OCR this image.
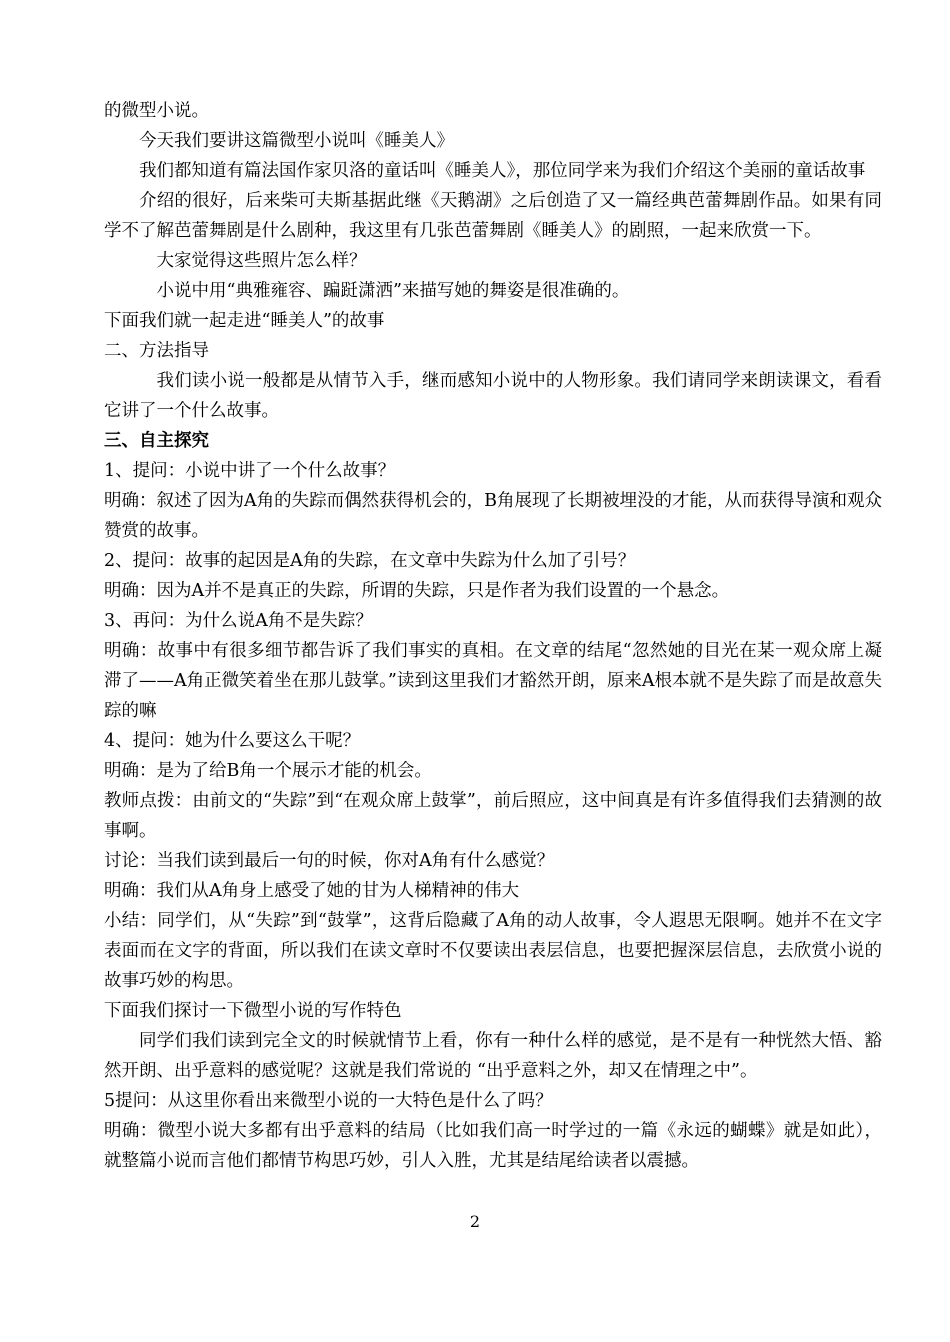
的微型小说。

今天我们要讲这篇微型小说叫《睡美人》

我们都知道有篇法国作家贝洛的童话叫《睡美人》，那位同学来为我们介绍这个美丽的童话故事

介绍的很好，后来柴可夫斯基据此继《天鹅湖》之后创造了又一篇经典芭蕾舞剧作品。如果有同学不了解芭蕾舞剧是什么剧种，我这里有几张芭蕾舞剧《睡美人》的剧照，一起来欣赏一下。

大家觉得这些照片怎么样？

小说中用“典雅雍容、蹁跹潇洒”来描写她的舞姿是很准确的。

下面我们就一起走进“睡美人”的故事

二、方法指导

我们读小说一般都是从情节入手，继而感知小说中的人物形象。我们请同学来朗读课文，看看它讲了一个什么故事。

三、自主探究

1、提问：小说中讲了一个什么故事？

明确：叙述了因为A角的失踪而偶然获得机会的，B角展现了长期被埋没的才能，从而获得导演和观众赞赏的故事。

2、提问：故事的起因是A角的失踪，在文章中失踪为什么加了引号？

明确：因为A并不是真正的失踪，所谓的失踪，只是作者为我们设置的一个悬念。

3、再问：为什么说A角不是失踪？

明确：故事中有很多细节都告诉了我们事实的真相。在文章的结尾“忽然她的目光在某一观众席上凝滞了——A角正微笑着坐在那儿鼓掌。”读到这里我们才豁然开朗，原来A根本就不是失踪了而是故意失踪的嘛

4、提问：她为什么要这么干呢？

明确：是为了给B角一个展示才能的机会。

教师点拨：由前文的“失踪”到“在观众席上鼓掌”，前后照应，这中间真是有许多值得我们去猜测的故事啊。

讨论：当我们读到最后一句的时候，你对A角有什么感觉？

明确：我们从A角身上感受了她的甘为人梯精神的伟大

小结：同学们，从“失踪”到“鼓掌”，这背后隐藏了A角的动人故事，令人遐思无限啊。她并不在文字表面而在文字的背面，所以我们在读文章时不仅要读出表层信息，也要把握深层信息，去欣赏小说的故事巧妙的构思。

下面我们探讨一下微型小说的写作特色

同学们我们读到完全文的时候就情节上看，你有一种什么样的感觉，是不是有一种恍然大悟、豁然开朗、出乎意料的感觉呢？这就是我们常说的 “出乎意料之外，却又在情理之中”。

5提问：从这里你看出来微型小说的一大特色是什么了吗？

明确：微型小说大多都有出乎意料的结局（比如我们高一时学过的一篇《永远的蝴蝶》就是如此），就整篇小说而言他们都情节构思巧妙，引人入胜，尤其是结尾给读者以震撼。

2
